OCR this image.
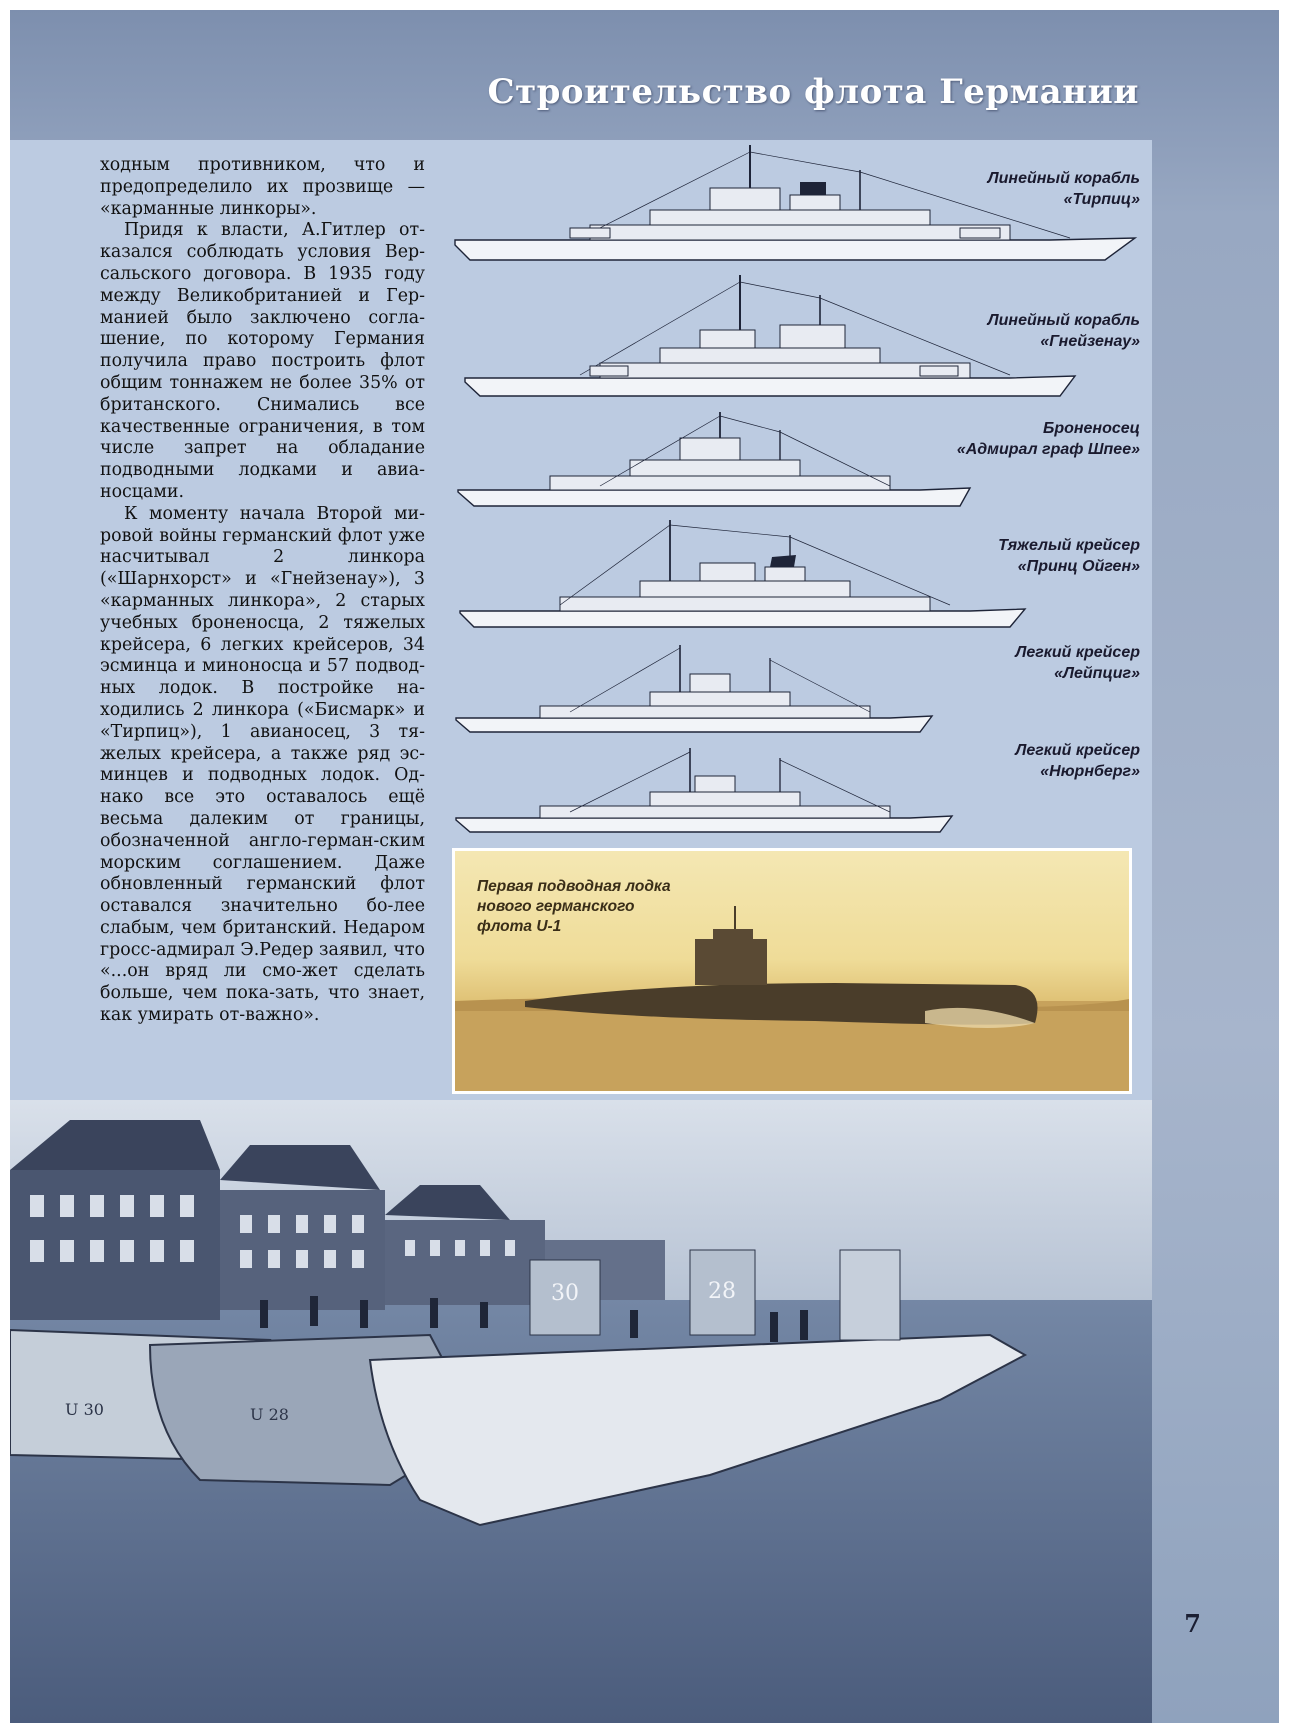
Строительство флота Германии

ходным противником, что и предопределило их прозвище — «карманные линкоры».

Придя к власти, А.Гитлер от-казался соблюдать условия Вер-сальского договора. В 1935 году между Великобританией и Гер-манией было заключено согла-шение, по которому Германия получила право построить флот общим тоннажем не более 35% от британского. Снимались все качественные ограничения, в том числе запрет на обладание подводными лодками и авиа-носцами.

К моменту начала Второй ми-ровой войны германский флот уже насчитывал 2 линкора («Шарнхорст» и «Гнейзенау»), 3 «карманных линкора», 2 старых учебных броненосца, 2 тяжелых крейсера, 6 легких крейсеров, 34 эсминца и миноносца и 57 подвод-ных лодок. В постройке на-ходились 2 линкора («Бисмарк» и «Тирпиц»), 1 авианосец, 3 тя-желых крейсера, а также ряд эс-минцев и подводных лодок. Од-нако все это оставалось ещё весьма далеким от границы, обозначенной англо-герман-ским морским соглашением. Даже обновленный германский флот оставался значительно бо-лее слабым, чем британский. Недаром гросс-адмирал Э.Редер заявил, что «...он вряд ли смо-жет сделать больше, чем пока-зать, что знает, как умирать от-важно».

Линейный корабль
«Тирпиц»
Линейный корабль
«Гнейзенау»
Броненосец
«Адмирал граф Шпее»
Тяжелый крейсер
«Принц Ойген»
Легкий крейсер
«Лейпциг»
Легкий крейсер
«Нюрнберг»
Первая подводная лодка
нового германского
флота U-1
30	28
U 30	U 28
7
